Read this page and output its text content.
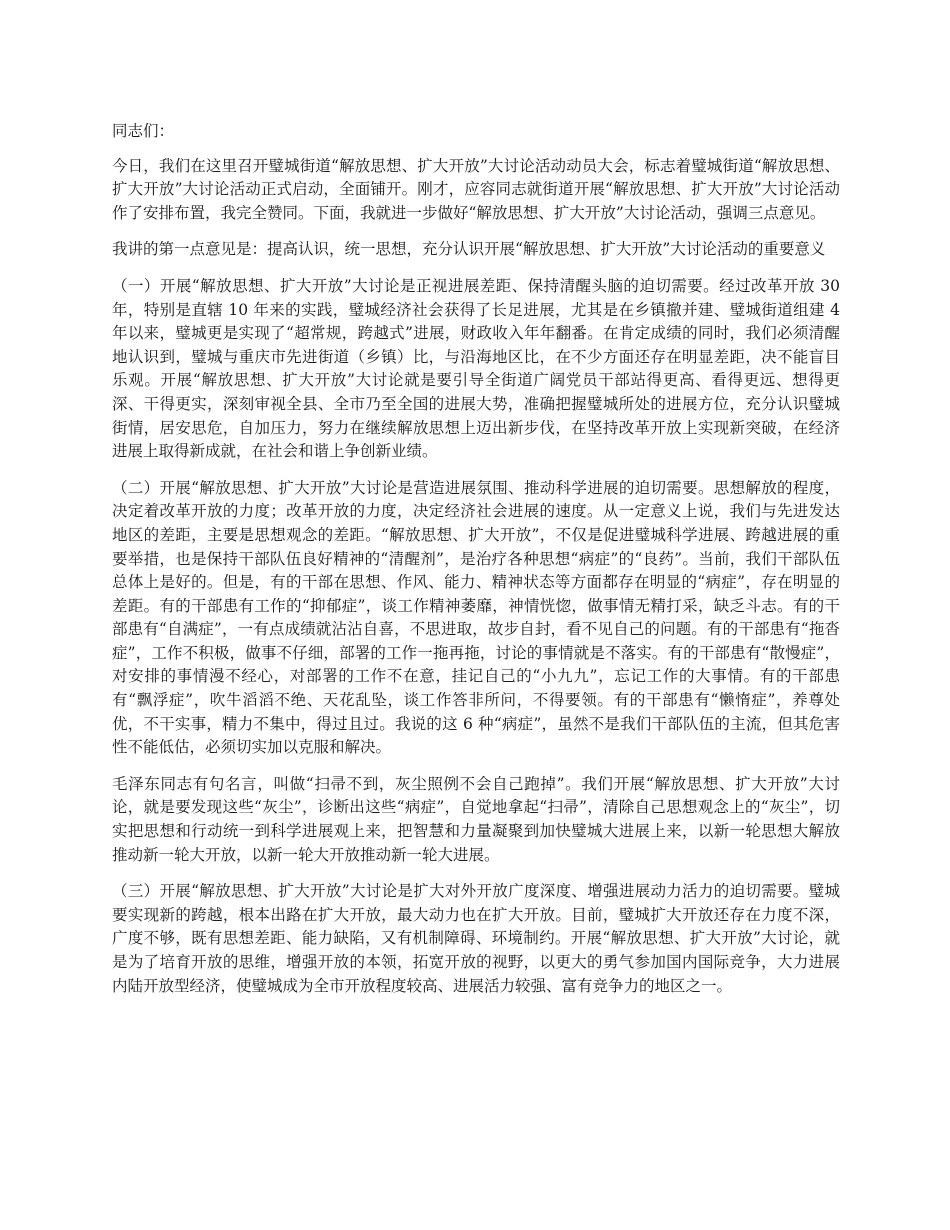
同志们：

今日，我们在这里召开璧城街道“解放思想、扩大开放”大讨论活动动员大会，标志着璧城街道“解放思想、扩大开放”大讨论活动正式启动，全面铺开。刚才，应容同志就街道开展“解放思想、扩大开放”大讨论活动作了安排布置，我完全赞同。下面，我就进一步做好“解放思想、扩大开放”大讨论活动，强调三点意见。

我讲的第一点意见是：提高认识，统一思想，充分认识开展“解放思想、扩大开放”大讨论活动的重要意义

（一）开展“解放思想、扩大开放”大讨论是正视进展差距、保持清醒头脑的迫切需要。经过改革开放 30 年，特别是直辖 10 年来的实践，璧城经济社会获得了长足进展，尤其是在乡镇撤并建、璧城街道组建 4 年以来，璧城更是实现了“超常规，跨越式”进展，财政收入年年翻番。在肯定成绩的同时，我们必须清醒地认识到，璧城与重庆市先进街道（乡镇）比，与沿海地区比，在不少方面还存在明显差距，决不能盲目乐观。开展“解放思想、扩大开放”大讨论就是要引导全街道广阔党员干部站得更高、看得更远、想得更深、干得更实，深刻审视全县、全市乃至全国的进展大势，准确把握璧城所处的进展方位，充分认识璧城街情，居安思危，自加压力，努力在继续解放思想上迈出新步伐，在坚持改革开放上实现新突破，在经济进展上取得新成就，在社会和谐上争创新业绩。

（二）开展“解放思想、扩大开放”大讨论是营造进展氛围、推动科学进展的迫切需要。思想解放的程度，决定着改革开放的力度；改革开放的力度，决定经济社会进展的速度。从一定意义上说，我们与先进发达地区的差距，主要是思想观念的差距。“解放思想、扩大开放”，不仅是促进璧城科学进展、跨越进展的重要举措，也是保持干部队伍良好精神的“清醒剂”，是治疗各种思想“病症”的“良药”。当前，我们干部队伍总体上是好的。但是，有的干部在思想、作风、能力、精神状态等方面都存在明显的“病症”，存在明显的差距。有的干部患有工作的“抑郁症”，谈工作精神萎靡，神情恍惚，做事情无精打采，缺乏斗志。有的干部患有“自满症”，一有点成绩就沾沾自喜，不思进取，故步自封，看不见自己的问题。有的干部患有“拖沓症”，工作不积极，做事不仔细，部署的工作一拖再拖，讨论的事情就是不落实。有的干部患有“散慢症”，对安排的事情漫不经心，对部署的工作不在意，挂记自己的“小九九”，忘记工作的大事情。有的干部患有“飘浮症”，吹牛滔滔不绝、天花乱坠，谈工作答非所问，不得要领。有的干部患有“懒惰症”，养尊处优，不干实事，精力不集中，得过且过。我说的这 6 种“病症”，虽然不是我们干部队伍的主流，但其危害性不能低估，必须切实加以克服和解决。

毛泽东同志有句名言，叫做“扫帚不到，灰尘照例不会自己跑掉”。我们开展“解放思想、扩大开放”大讨论，就是要发现这些“灰尘”，诊断出这些“病症”，自觉地拿起“扫帚”，清除自己思想观念上的“灰尘”，切实把思想和行动统一到科学进展观上来，把智慧和力量凝聚到加快璧城大进展上来，以新一轮思想大解放推动新一轮大开放，以新一轮大开放推动新一轮大进展。

（三）开展“解放思想、扩大开放”大讨论是扩大对外开放广度深度、增强进展动力活力的迫切需要。璧城要实现新的跨越，根本出路在扩大开放，最大动力也在扩大开放。目前，璧城扩大开放还存在力度不深，广度不够，既有思想差距、能力缺陷，又有机制障碍、环境制约。开展“解放思想、扩大开放”大讨论，就是为了培育开放的思维，增强开放的本领，拓宽开放的视野，以更大的勇气参加国内国际竞争，大力进展内陆开放型经济，使璧城成为全市开放程度较高、进展活力较强、富有竞争力的地区之一。
